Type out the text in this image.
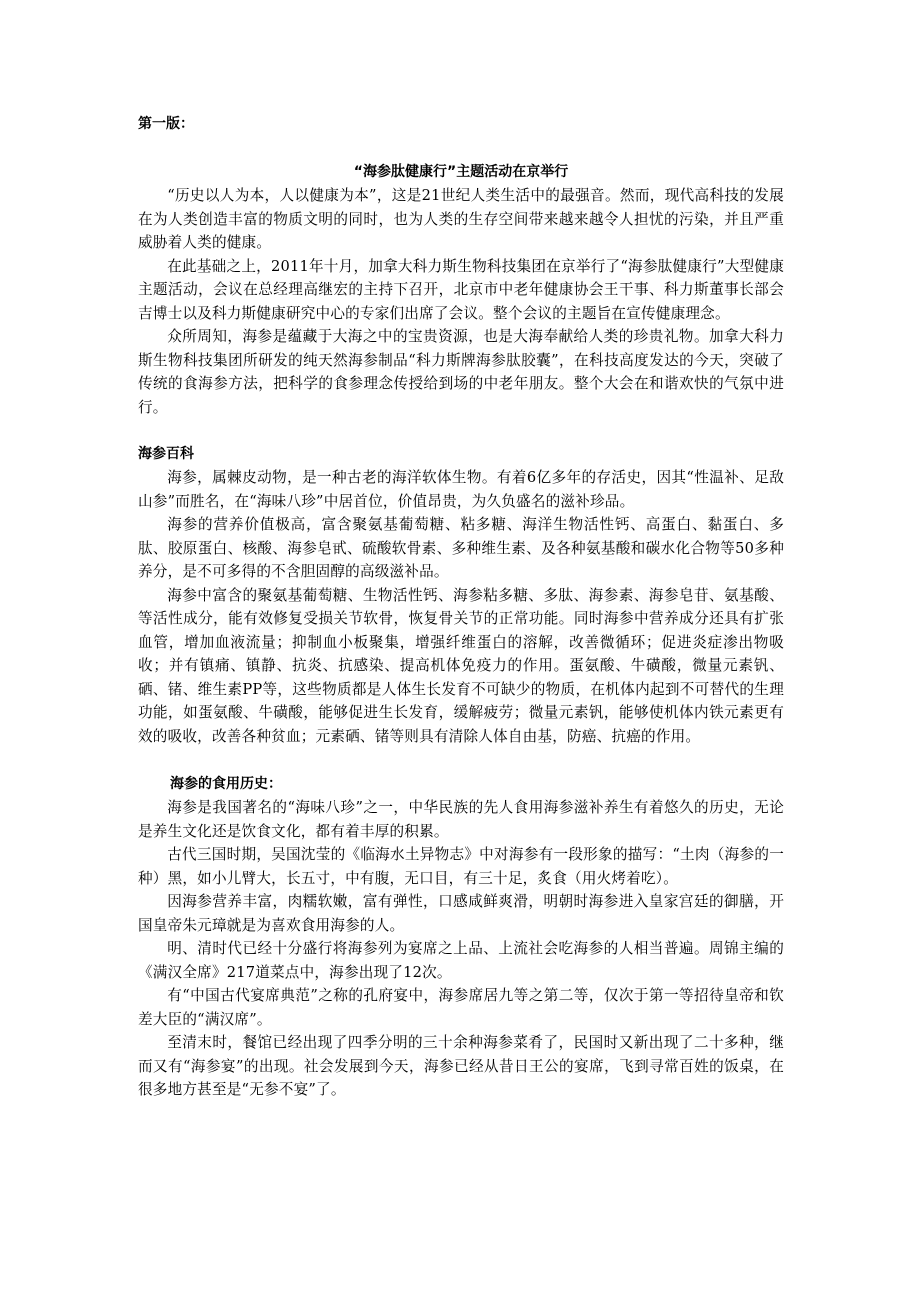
第一版：
“海参肽健康行”主题活动在京举行

“历史以人为本，人以健康为本”，这是21世纪人类生活中的最强音。然而，现代高科技的发展在为人类创造丰富的物质文明的同时，也为人类的生存空间带来越来越令人担忧的污染，并且严重威胁着人类的健康。

在此基础之上，2011年十月，加拿大科力斯生物科技集团在京举行了“海参肽健康行”大型健康主题活动，会议在总经理高继宏的主持下召开，北京市中老年健康协会王干事、科力斯董事长部会吉博士以及科力斯健康研究中心的专家们出席了会议。整个会议的主题旨在宣传健康理念。

众所周知，海参是蕴藏于大海之中的宝贵资源，也是大海奉献给人类的珍贵礼物。加拿大科力斯生物科技集团所研发的纯天然海参制品“科力斯牌海参肽胶囊”，在科技高度发达的今天，突破了传统的食海参方法，把科学的食参理念传授给到场的中老年朋友。整个大会在和谐欢快的气氛中进行。

海参百科

海参，属棘皮动物，是一种古老的海洋软体生物。有着6亿多年的存活史，因其“性温补、足敌山参”而胜名，在“海味八珍”中居首位，价值昂贵，为久负盛名的滋补珍品。

海参的营养价值极高，富含聚氨基葡萄糖、粘多糖、海洋生物活性钙、高蛋白、黏蛋白、多肽、胶原蛋白、核酸、海参皂甙、硫酸软骨素、多种维生素、及各种氨基酸和碳水化合物等50多种养分，是不可多得的不含胆固醇的高级滋补品。

海参中富含的聚氨基葡萄糖、生物活性钙、海参粘多糖、多肽、海参素、海参皂苷、氨基酸、等活性成分，能有效修复受损关节软骨，恢复骨关节的正常功能。同时海参中营养成分还具有扩张血管，增加血液流量；抑制血小板聚集，增强纤维蛋白的溶解，改善微循环；促进炎症渗出物吸收；并有镇痛、镇静、抗炎、抗感染、提高机体免疫力的作用。蛋氨酸、牛磺酸，微量元素钒、硒、锗、维生素PP等，这些物质都是人体生长发育不可缺少的物质，在机体内起到不可替代的生理功能，如蛋氨酸、牛磺酸，能够促进生长发育，缓解疲劳；微量元素钒，能够使机体内铁元素更有效的吸收，改善各种贫血；元素硒、锗等则具有清除人体自由基，防癌、抗癌的作用。

海参的食用历史：

海参是我国著名的“海味八珍”之一，中华民族的先人食用海参滋补养生有着悠久的历史，无论是养生文化还是饮食文化，都有着丰厚的积累。

古代三国时期，吴国沈莹的《临海水土异物志》中对海参有一段形象的描写：“土肉（海参的一种）黑，如小儿臂大，长五寸，中有腹，无口目，有三十足，炙食（用火烤着吃）。

因海参营养丰富，肉糯软嫩，富有弹性，口感咸鲜爽滑，明朝时海参进入皇家宫廷的御膳，开国皇帝朱元璋就是为喜欢食用海参的人。

明、清时代已经十分盛行将海参列为宴席之上品、上流社会吃海参的人相当普遍。周锦主编的《满汉全席》217道菜点中，海参出现了12次。

有“中国古代宴席典范”之称的孔府宴中，海参席居九等之第二等，仅次于第一等招待皇帝和钦差大臣的“满汉席”。

至清末时，餐馆已经出现了四季分明的三十余种海参菜肴了，民国时又新出现了二十多种，继而又有“海参宴”的出现。社会发展到今天，海参已经从昔日王公的宴席，飞到寻常百姓的饭桌，在很多地方甚至是“无参不宴”了。
